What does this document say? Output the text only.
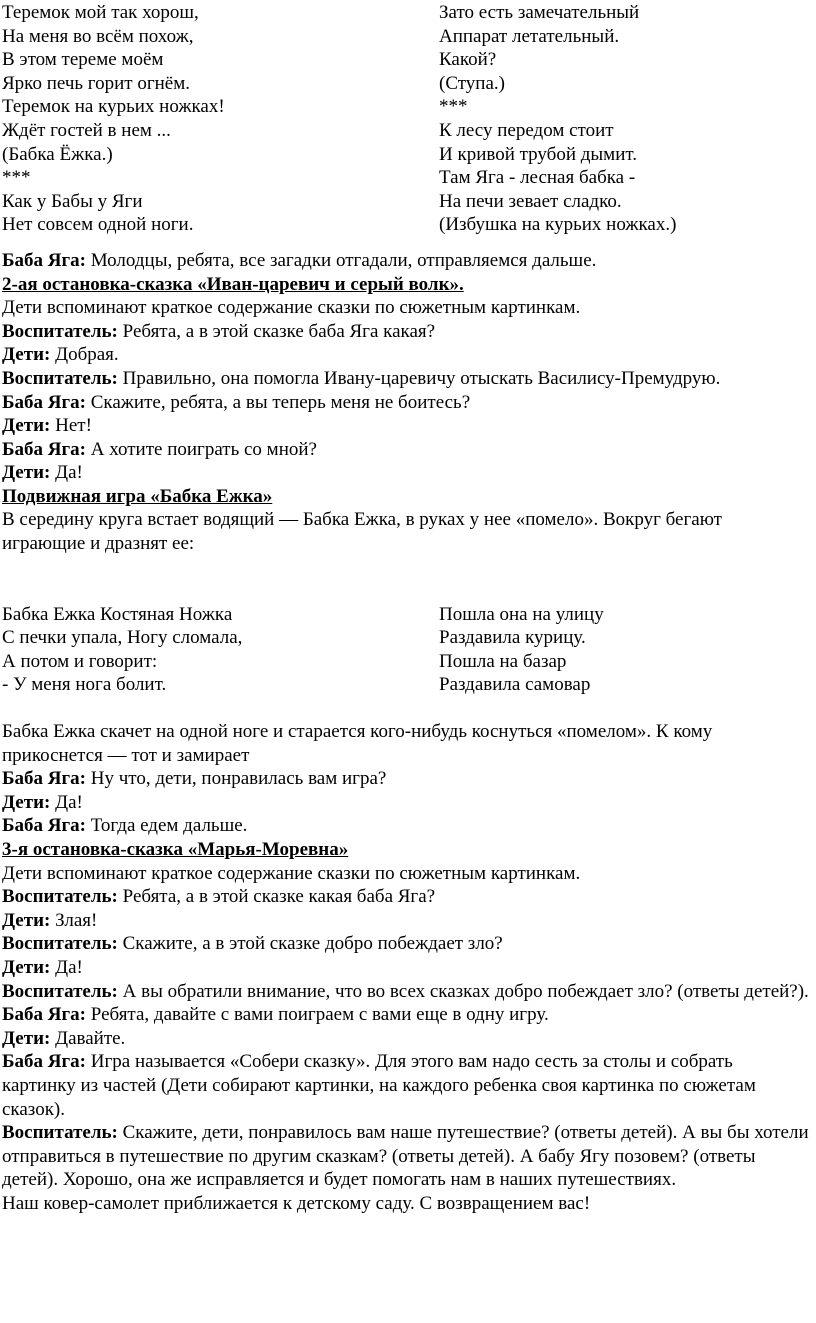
Теремок мой так хорош,
На меня во всём похож,
В этом тереме моём
Ярко печь горит огнём.
Теремок на курьих ножках!
Ждёт гостей в нем ...
(Бабка Ёжка.)
***
Как у Бабы у Яги
Нет совсем одной ноги.
Зато есть замечательный
Аппарат летательный.
Какой?
(Ступа.)
***
К лесу передом стоит
И кривой трубой дымит.
Там Яга - лесная бабка -
На печи зевает сладко.
(Избушка на курьих ножках.)
Баба Яга: Молодцы, ребята, все загадки отгадали, отправляемся дальше.
2-ая остановка-сказка «Иван-царевич и серый волк».
Дети вспоминают краткое содержание сказки по сюжетным картинкам.
Воспитатель: Ребята, а в этой сказке баба Яга какая?
Дети: Добрая.
Воспитатель: Правильно, она помогла Ивану-царевичу отыскать Василису-Премудрую.
Баба Яга: Скажите, ребята, а вы теперь меня не боитесь?
Дети: Нет!
Баба Яга: А хотите поиграть со мной?
Дети: Да!
Подвижная игра «Бабка Ежка»
В середину круга встает водящий — Бабка Ежка, в руках у нее «помело». Вокруг бегают играющие и дразнят ее:
Бабка Ежка Костяная Ножка
С печки упала, Ногу сломала,
А потом и говорит:
- У меня нога болит.
Пошла она на улицу
Раздавила курицу.
Пошла на базар
Раздавила самовар
Бабка Ежка скачет на одной ноге и старается кого-нибудь коснуться «помелом». К кому прикоснется — тот и замирает
Баба Яга: Ну что, дети, понравилась вам игра?
Дети: Да!
Баба Яга: Тогда едем дальше.
3-я остановка-сказка «Марья-Моревна»
Дети вспоминают краткое содержание сказки по сюжетным картинкам.
Воспитатель: Ребята, а в этой сказке какая баба Яга?
Дети: Злая!
Воспитатель: Скажите, а в этой сказке добро побеждает зло?
Дети: Да!
Воспитатель: А вы обратили внимание, что во всех сказках добро побеждает зло? (ответы детей?).
Баба Яга: Ребята, давайте с вами поиграем с вами еще в одну игру.
Дети: Давайте.
Баба Яга: Игра называется «Собери сказку». Для этого вам надо сесть за столы и собрать картинку из частей (Дети собирают картинки, на каждого ребенка своя картинка по сюжетам сказок).
Воспитатель: Скажите, дети, понравилось вам наше путешествие? (ответы детей). А вы бы хотели отправиться в путешествие по другим сказкам? (ответы детей). А бабу Ягу позовем? (ответы детей). Хорошо, она же исправляется и будет помогать нам в наших путешествиях.
Наш ковер-самолет приближается к детскому саду. С возвращением вас!
